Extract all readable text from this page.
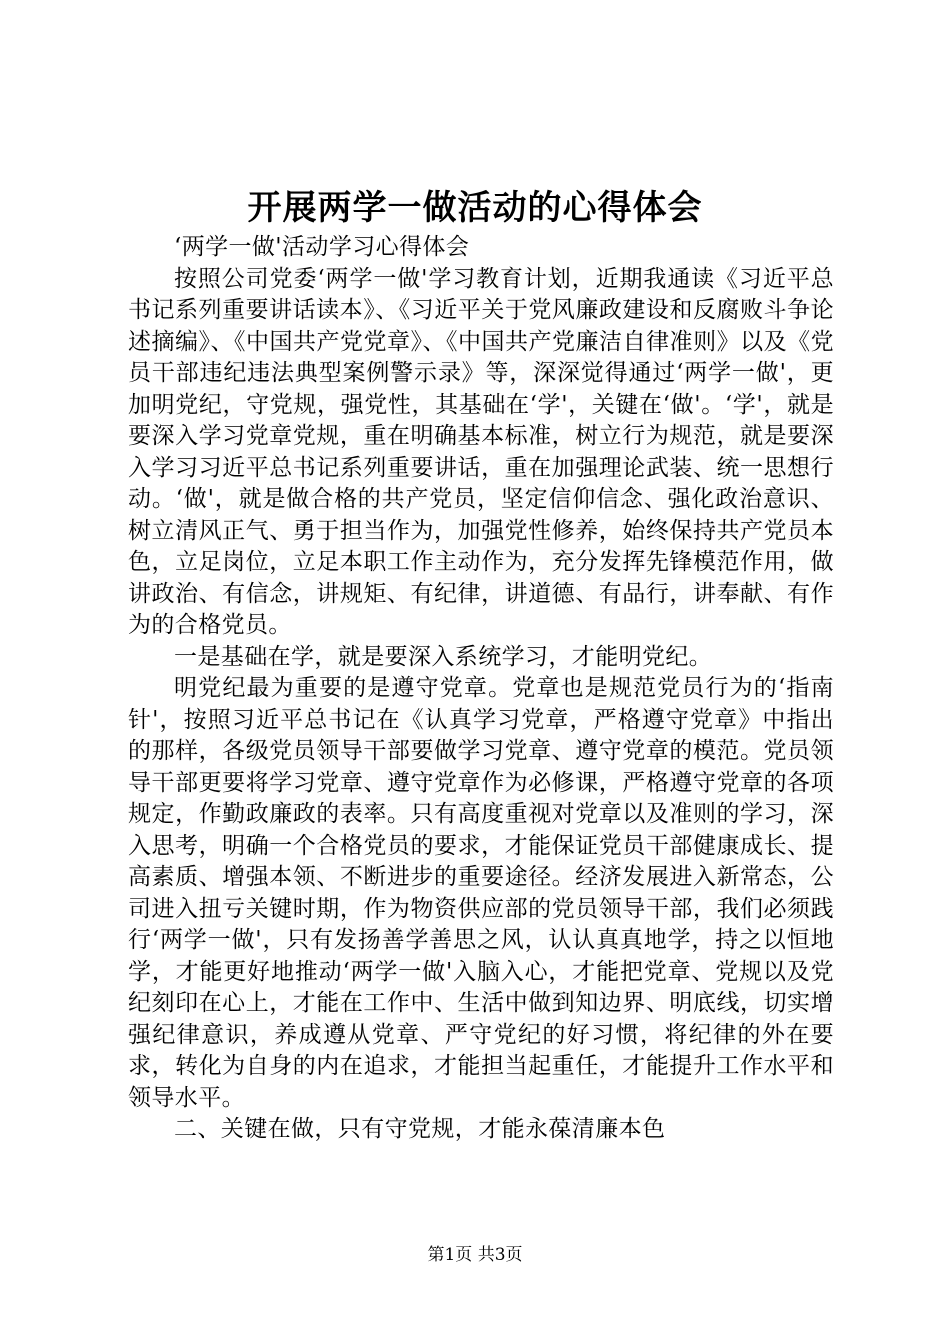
开展两学一做活动的心得体会

‘两学一做'活动学习心得体会

按照公司党委‘两学一做'学习教育计划，近期我通读《习近平总书记系列重要讲话读本》、《习近平关于党风廉政建设和反腐败斗争论述摘编》、《中国共产党党章》、《中国共产党廉洁自律准则》以及《党员干部违纪违法典型案例警示录》等，深深觉得通过‘两学一做'，更加明党纪，守党规，强党性，其基础在‘学'，关键在‘做'。‘学'，就是要深入学习党章党规，重在明确基本标准，树立行为规范，就是要深入学习习近平总书记系列重要讲话，重在加强理论武装、统一思想行动。‘做'，就是做合格的共产党员，坚定信仰信念、强化政治意识、树立清风正气、勇于担当作为，加强党性修养，始终保持共产党员本色，立足岗位，立足本职工作主动作为，充分发挥先锋模范作用，做讲政治、有信念，讲规矩、有纪律，讲道德、有品行，讲奉献、有作为的合格党员。

一是基础在学，就是要深入系统学习，才能明党纪。

明党纪最为重要的是遵守党章。党章也是规范党员行为的‘指南针'，按照习近平总书记在《认真学习党章，严格遵守党章》中指出的那样，各级党员领导干部要做学习党章、遵守党章的模范。党员领导干部更要将学习党章、遵守党章作为必修课，严格遵守党章的各项规定，作勤政廉政的表率。只有高度重视对党章以及准则的学习，深入思考，明确一个合格党员的要求，才能保证党员干部健康成长、提高素质、增强本领、不断进步的重要途径。经济发展进入新常态，公司进入扭亏关键时期，作为物资供应部的党员领导干部，我们必须践行‘两学一做'，只有发扬善学善思之风，认认真真地学，持之以恒地学，才能更好地推动‘两学一做'入脑入心，才能把党章、党规以及党纪刻印在心上，才能在工作中、生活中做到知边界、明底线，切实增强纪律意识，养成遵从党章、严守党纪的好习惯，将纪律的外在要求，转化为自身的内在追求，才能担当起重任，才能提升工作水平和领导水平。

二、关键在做，只有守党规，才能永葆清廉本色

第1页 共3页
